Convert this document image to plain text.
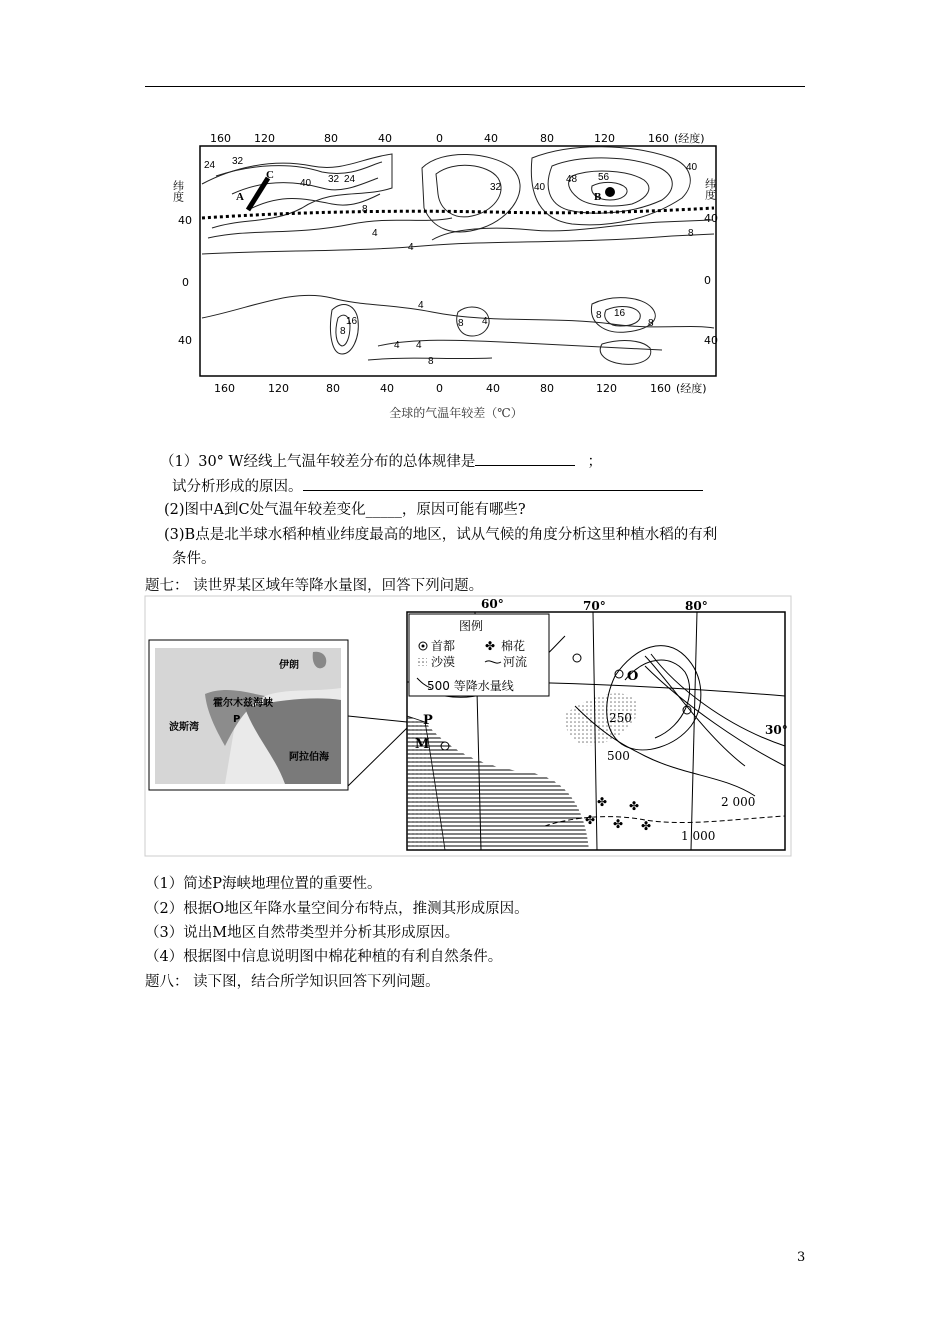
160 120	80	40	0	40	80	120	160 (经度)
160	120	80	40	0	40	80	120	160 (经度)
40
0
40
40
0
40
纬度	纬度
24 32
40 32 24
8
4
4
32	40
48 56
40
8
4
4
8
16	8
4
8
4
8 16
8
C
A	B
全球的气温年较差（℃）
（1）30° W经线上气温年较差分布的总体规律是	；
试分析形成的原因。
(2)图中A到C处气温年较差变化_____，原因可能有哪些?
(3)B点是北半球水稻种植业纬度最高的地区，试从气候的角度分析这里种植水稻的有利
条件。
题七： 读世界某区域年等降水量图，回答下列问题。
伊朗
霍尔木兹海峡
P
波斯湾
阿拉伯海
60°	70°	80°
30°
图例
首都 ✤ 棉花
沙漠	河流
500 等降水量线
✤ ✤
✤ ✤ ✤
P
M
O
250
500
2 000
1 000
（1）简述P海峡地理位置的重要性。
（2）根据O地区年降水量空间分布特点，推测其形成原因。
（3）说出M地区自然带类型并分析其形成原因。
（4）根据图中信息说明图中棉花种植的有利自然条件。
题八： 读下图，结合所学知识回答下列问题。
3
